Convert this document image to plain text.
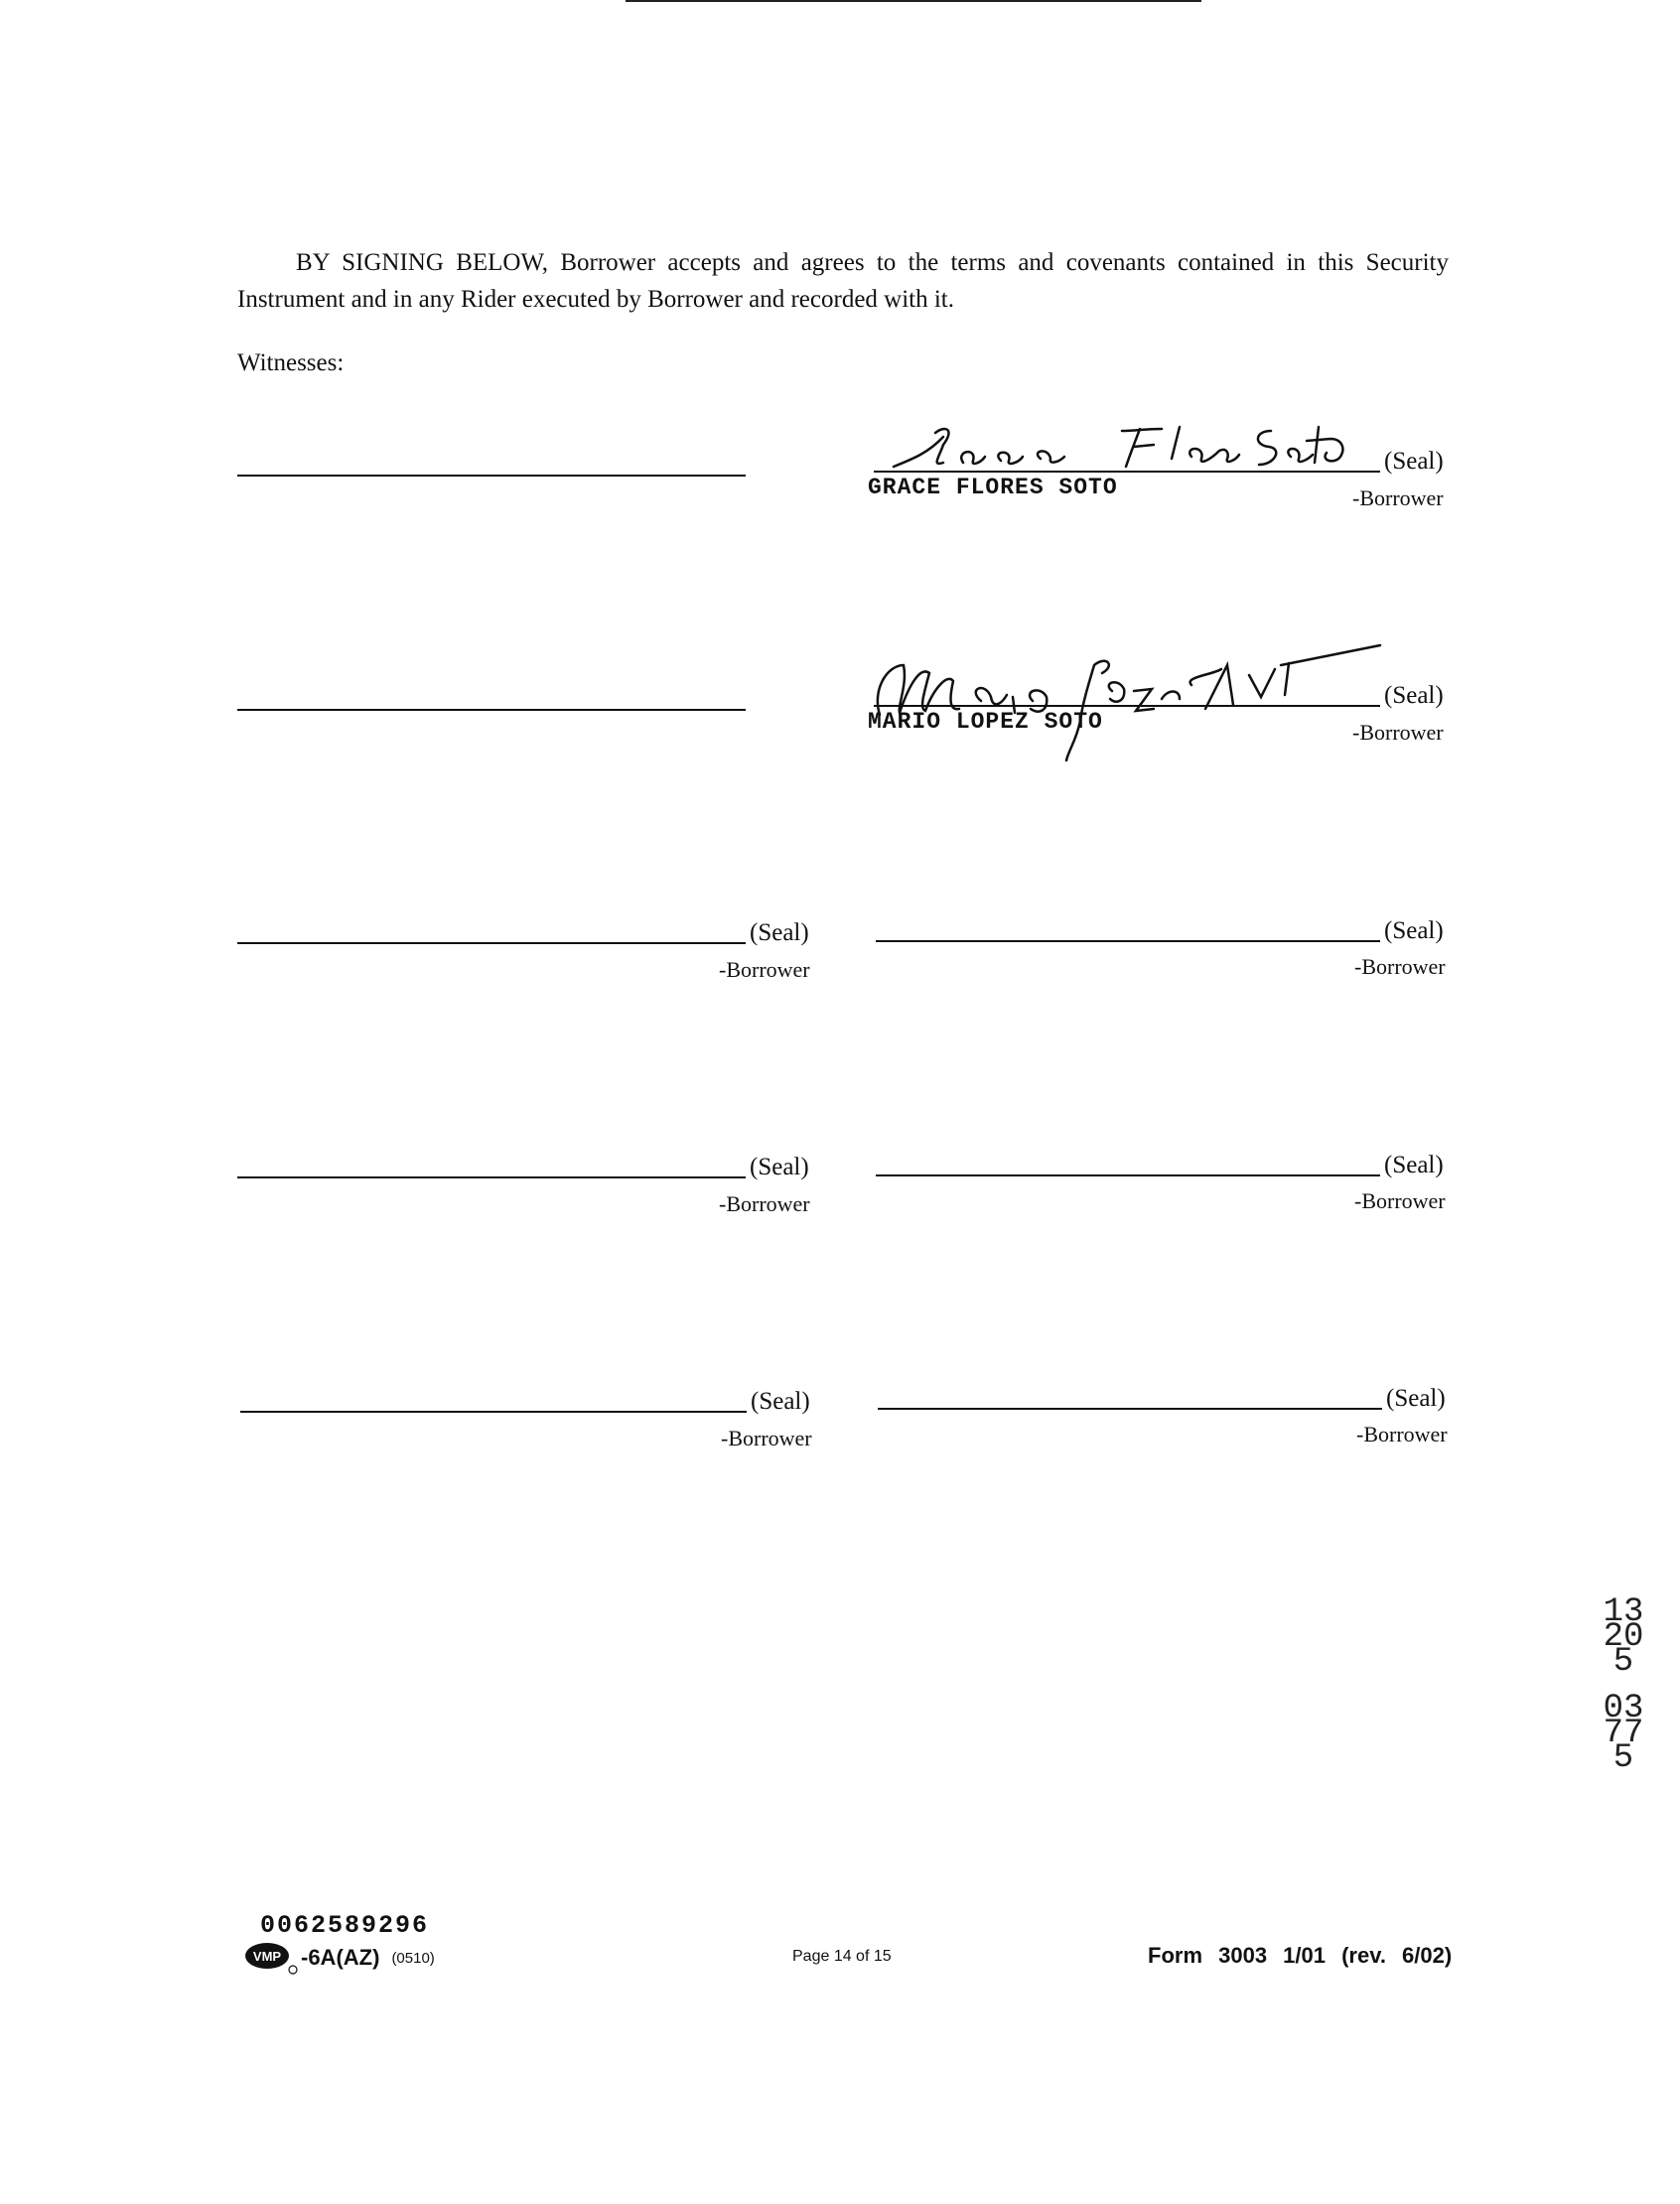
BY SIGNING BELOW, Borrower accepts and agrees to the terms and covenants contained in this Security Instrument and in any Rider executed by Borrower and recorded with it.

Witnesses:
(Seal)
GRACE FLORES SOTO	-Borrower
(Seal)
MARIO LOPEZ SOTO	-Borrower
(Seal)
-Borrower
(Seal)
-Borrower
(Seal)
-Borrower
(Seal)
-Borrower
(Seal)
-Borrower
(Seal)
-Borrower
13205
03775
0062589296
VMP -6A(AZ) (0510)	Page 14 of 15	Form 3003 1/01 (rev. 6/02)
